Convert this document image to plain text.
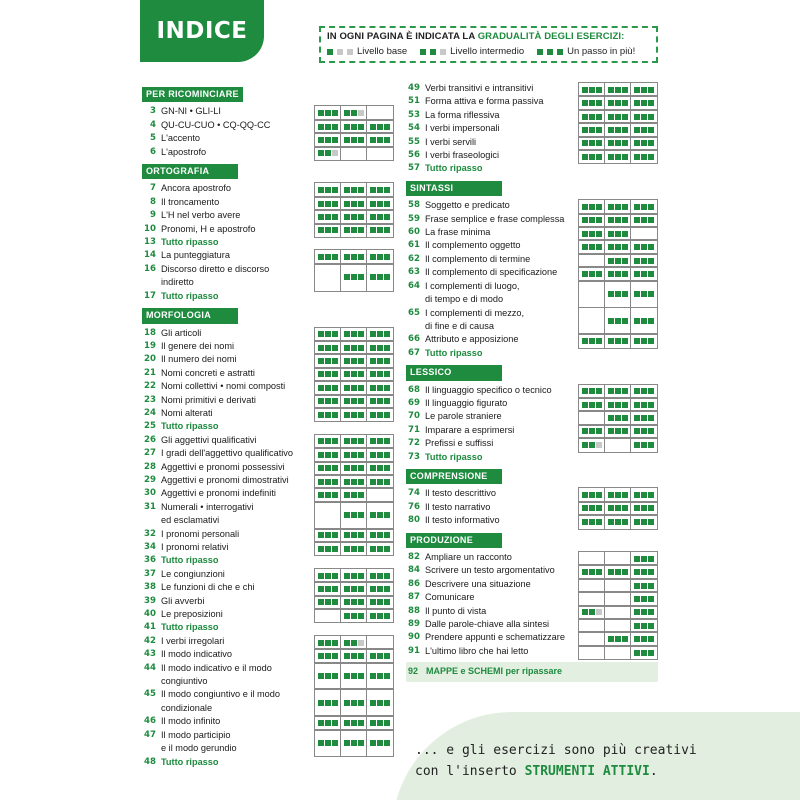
INDICE	IN OGNI PAGINA È INDICATA LA GRADUALITÀ DEGLI ESERCIZI:
Livello base	Livello intermedio	Un passo in più!
PER RICOMINCIARE
3 GN-NI • GLI-LI
4 QU-CU-CUO • CQ-QQ-CC
5 L'accento
6 L'apostrofo
ORTOGRAFIA
7 Ancora apostrofo
8 Il troncamento
9 L'H nel verbo avere
10 Pronomi, H e apostrofo
13 Tutto ripasso
14 La punteggiatura
16 Discorso diretto e discorso
indiretto
17 Tutto ripasso
MORFOLOGIA
18 Gli articoli
19 Il genere dei nomi
20 Il numero dei nomi
21 Nomi concreti e astratti
22 Nomi collettivi • nomi composti
23 Nomi primitivi e derivati
24 Nomi alterati
25 Tutto ripasso
26 Gli aggettivi qualificativi
27 I gradi dell'aggettivo qualificativo
28 Aggettivi e pronomi possessivi
29 Aggettivi e pronomi dimostrativi
30 Aggettivi e pronomi indefiniti
31 Numerali • interrogativi
ed esclamativi
32 I pronomi personali
34 I pronomi relativi
36 Tutto ripasso
37 Le congiunzioni
38 Le funzioni di che e chi
39 Gli avverbi
40 Le preposizioni
41 Tutto ripasso
42 I verbi irregolari
43 Il modo indicativo
44 Il modo indicativo e il modo
congiuntivo
45 Il modo congiuntivo e il modo
condizionale
46 Il modo infinito
47 Il modo participio
e il modo gerundio
48 Tutto ripasso
49 Verbi transitivi e intransitivi
51 Forma attiva e forma passiva
53 La forma riflessiva
54 I verbi impersonali
55 I verbi servili
56 I verbi fraseologici
57 Tutto ripasso
SINTASSI
58 Soggetto e predicato
59 Frase semplice e frase complessa
60 La frase minima
61 Il complemento oggetto
62 Il complemento di termine
63 Il complemento di specificazione
64 I complementi di luogo,
di tempo e di modo
65 I complementi di mezzo,
di fine e di causa
66 Attributo e apposizione
67 Tutto ripasso
LESSICO
68 Il linguaggio specifico o tecnico
69 Il linguaggio figurato
70 Le parole straniere
71 Imparare a esprimersi
72 Prefissi e suffissi
73 Tutto ripasso
COMPRENSIONE
74 Il testo descrittivo
76 Il testo narrativo
80 Il testo informativo
PRODUZIONE
82 Ampliare un racconto
84 Scrivere un testo argomentativo
86 Descrivere una situazione
87 Comunicare
88 Il punto di vista
89 Dalle parole-chiave alla sintesi
90 Prendere appunti e schematizzare
91 L'ultimo libro che hai letto
92 MAPPE e SCHEMI per ripassare
... e gli esercizi sono più creativi
con l'inserto STRUMENTI ATTIVI.
